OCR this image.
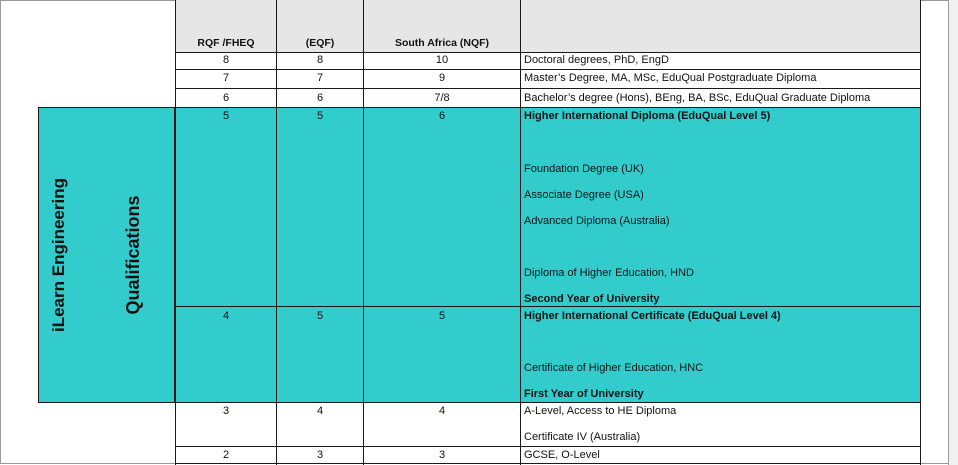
RQF /FHEQ	(EQF)	South Africa (NQF)
iLearn Engineering	Qualifications
8	8	10	Doctoral degrees, PhD, EngD
7	7	9	Master’s Degree, MA, MSc, EduQual Postgraduate Diploma
6	6	7/8	Bachelor’s degree (Hons), BEng, BA, BSc, EduQual Graduate Diploma
5	5	6	Higher International Diploma (EduQual Level 5)
Foundation Degree (UK)
Associate Degree (USA)
Advanced Diploma (Australia)
Diploma of Higher Education, HND
Second Year of University
4	5	5	Higher International Certificate (EduQual Level 4)
Certificate of Higher Education, HNC
First Year of University
3	4	4	A-Level, Access to HE Diploma
Certificate IV (Australia)
2	3	3	GCSE, O-Level
